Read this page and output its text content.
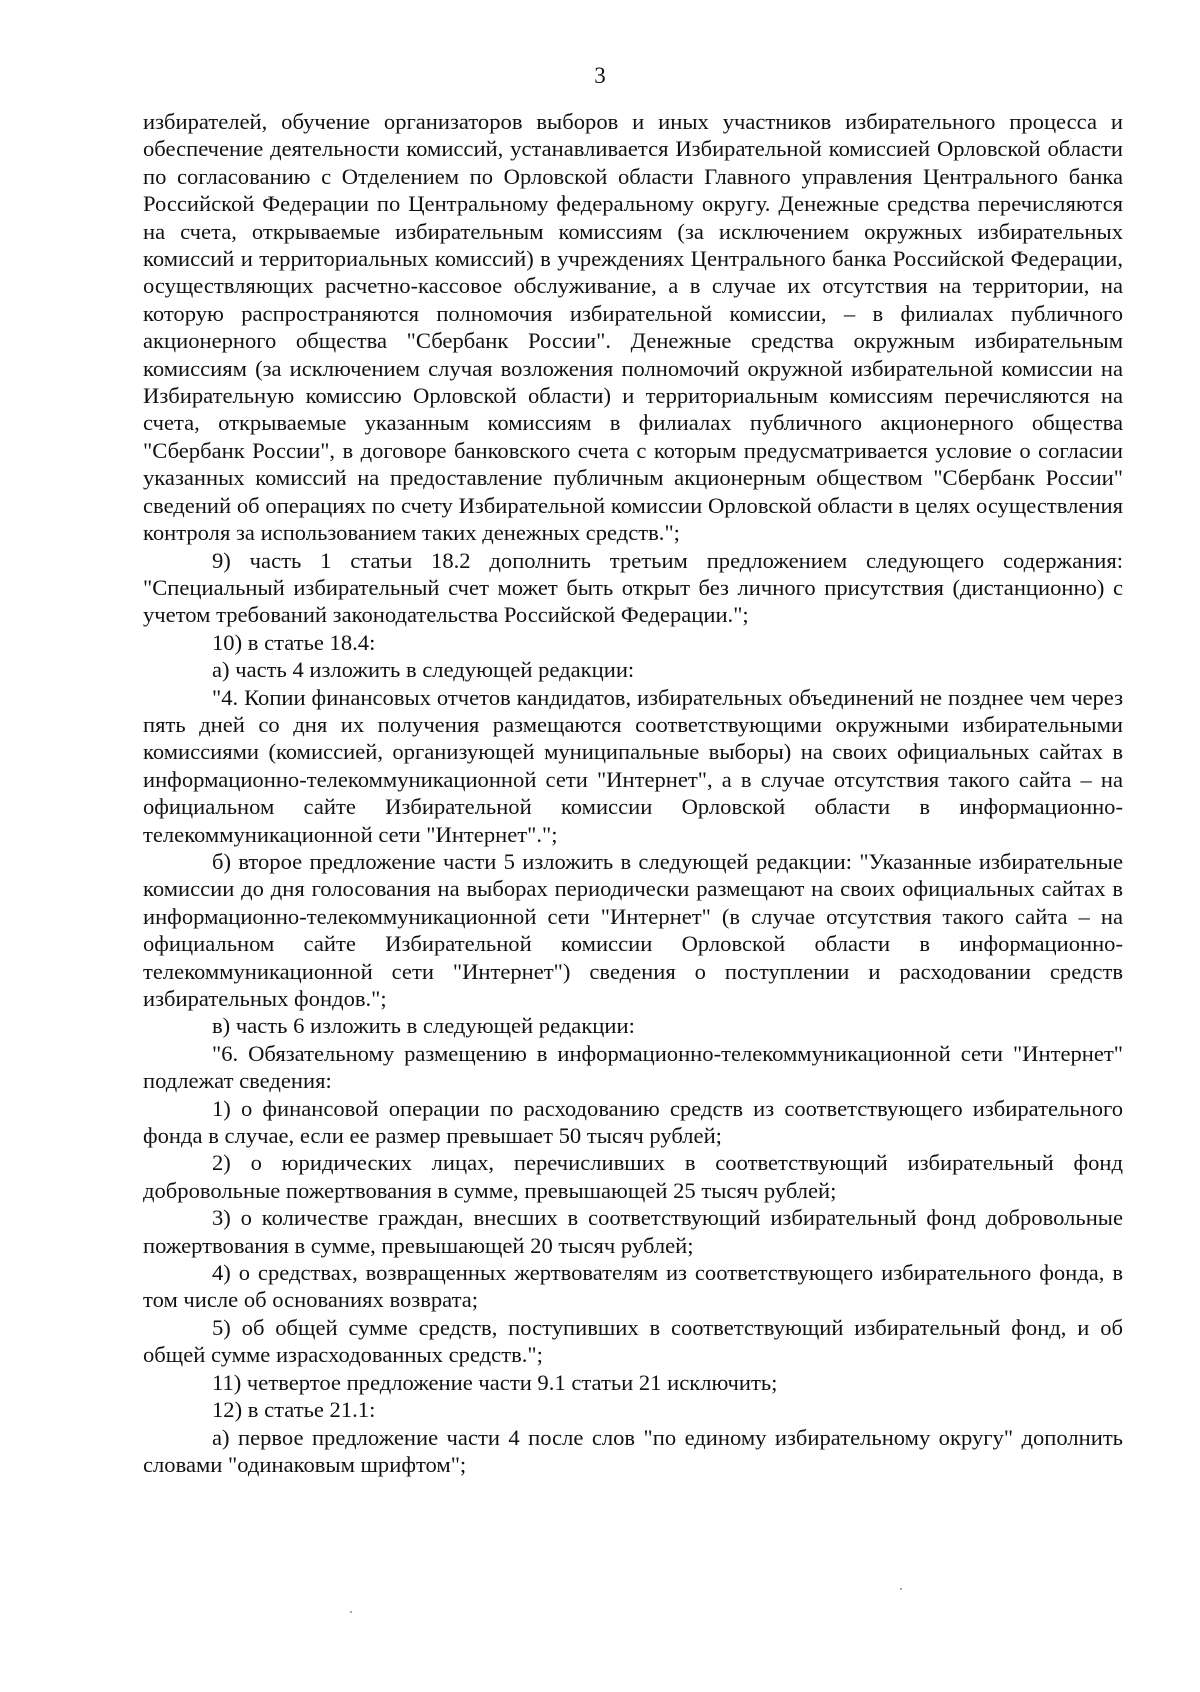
3

избирателей, обучение организаторов выборов и иных участников избирательного процесса и обеспечение деятельности комиссий, устанавливается Избирательной комиссией Орловской области по согласованию с Отделением по Орловской области Главного управления Центрального банка Российской Федерации по Центральному федеральному округу. Денежные средства перечисляются на счета, открываемые избирательным комиссиям (за исключением окружных избирательных комиссий и территориальных комиссий) в учреждениях Центрального банка Российской Федерации, осуществляющих расчетно-кассовое обслуживание, а в случае их отсутствия на территории, на которую распространяются полномочия избирательной комиссии, – в филиалах публичного акционерного общества "Сбербанк России". Денежные средства окружным избирательным комиссиям (за исключением случая возложения полномочий окружной избирательной комиссии на Избирательную комиссию Орловской области) и территориальным комиссиям перечисляются на счета, открываемые указанным комиссиям в филиалах публичного акционерного общества "Сбербанк России", в договоре банковского счета с которым предусматривается условие о согласии указанных комиссий на предоставление публичным акционерным обществом "Сбербанк России" сведений об операциях по счету Избирательной комиссии Орловской области в целях осуществления контроля за использованием таких денежных средств.";

9) часть 1 статьи 18.2 дополнить третьим предложением следующего содержания: "Специальный избирательный счет может быть открыт без личного присутствия (дистанционно) с учетом требований законодательства Российской Федерации.";

10) в статье 18.4:

а) часть 4 изложить в следующей редакции:

"4. Копии финансовых отчетов кандидатов, избирательных объединений не позднее чем через пять дней со дня их получения размещаются соответствующими окружными избирательными комиссиями (комиссией, организующей муниципальные выборы) на своих официальных сайтах в информационно-телекоммуникационной сети "Интернет", а в случае отсутствия такого сайта – на официальном сайте Избирательной комиссии Орловской области в информационно-телекоммуникационной сети "Интернет".";

б) второе предложение части 5 изложить в следующей редакции: "Указанные избирательные комиссии до дня голосования на выборах периодически размещают на своих официальных сайтах в информационно-телекоммуникационной сети "Интернет" (в случае отсутствия такого сайта – на официальном сайте Избирательной комиссии Орловской области в информационно-телекоммуникационной сети "Интернет") сведения о поступлении и расходовании средств избирательных фондов.";

в) часть 6 изложить в следующей редакции:

"6. Обязательному размещению в информационно-телекоммуникационной сети "Интернет" подлежат сведения:

1) о финансовой операции по расходованию средств из соответствующего избирательного фонда в случае, если ее размер превышает 50 тысяч рублей;

2) о юридических лицах, перечисливших в соответствующий избирательный фонд добровольные пожертвования в сумме, превышающей 25 тысяч рублей;

3) о количестве граждан, внесших в соответствующий избирательный фонд добровольные пожертвования в сумме, превышающей 20 тысяч рублей;

4) о средствах, возвращенных жертвователям из соответствующего избирательного фонда, в том числе об основаниях возврата;

5) об общей сумме средств, поступивших в соответствующий избирательный фонд, и об общей сумме израсходованных средств.";

11) четвертое предложение части 9.1 статьи 21 исключить;

12) в статье 21.1:

а) первое предложение части 4 после слов "по единому избирательному округу" дополнить словами "одинаковым шрифтом";
